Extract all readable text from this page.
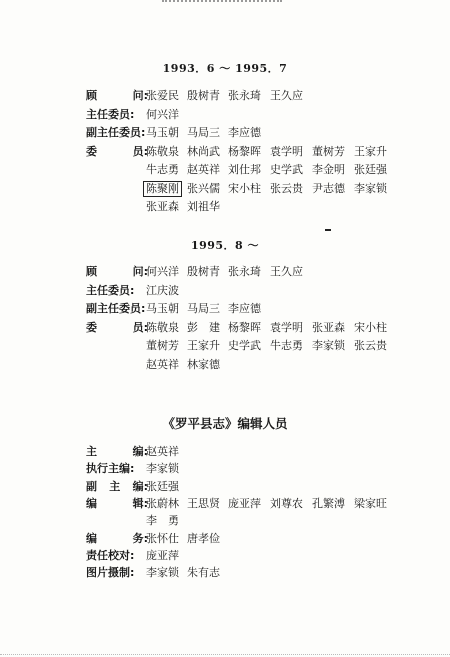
1993．6 ～ 1995．7
顾	问:
张爱民 殷树青 张永琦 王久应
主任委员: 何兴洋
副主任委员: 马玉朝 马局三 李应德
委	员:
陈敬泉 林尚武 杨黎晖 袁学明 董树芳 王家升
牛志勇 赵英祥 刘仕邦 史学武 李金明 张廷强
陈聚刚 张兴儒 宋小柱 张云贵 尹志德 李家锁
张亚森 刘祖华
1995．8 ～
顾	问:
何兴洋 殷树青 张永琦 王久应
主任委员: 江庆波
副主任委员: 马玉朝 马局三 李应德
委	员:
陈敬泉 彭　建 杨黎晖 袁学明 张亚森 宋小柱
董树芳 王家升 史学武 牛志勇 李家锁 张云贵
赵英祥 林家德
《罗平县志》编辑人员
主	编:
赵英祥
执行主编: 李家锁
副 主 编:
张廷强
编	辑:
张蔚林 王思贤 庞亚萍 刘尊农 孔繁溥 梁家旺
李　勇
编	务:
张怀仕 唐孝俭
责任校对: 庞亚萍
图片摄制: 李家锁 朱有志
